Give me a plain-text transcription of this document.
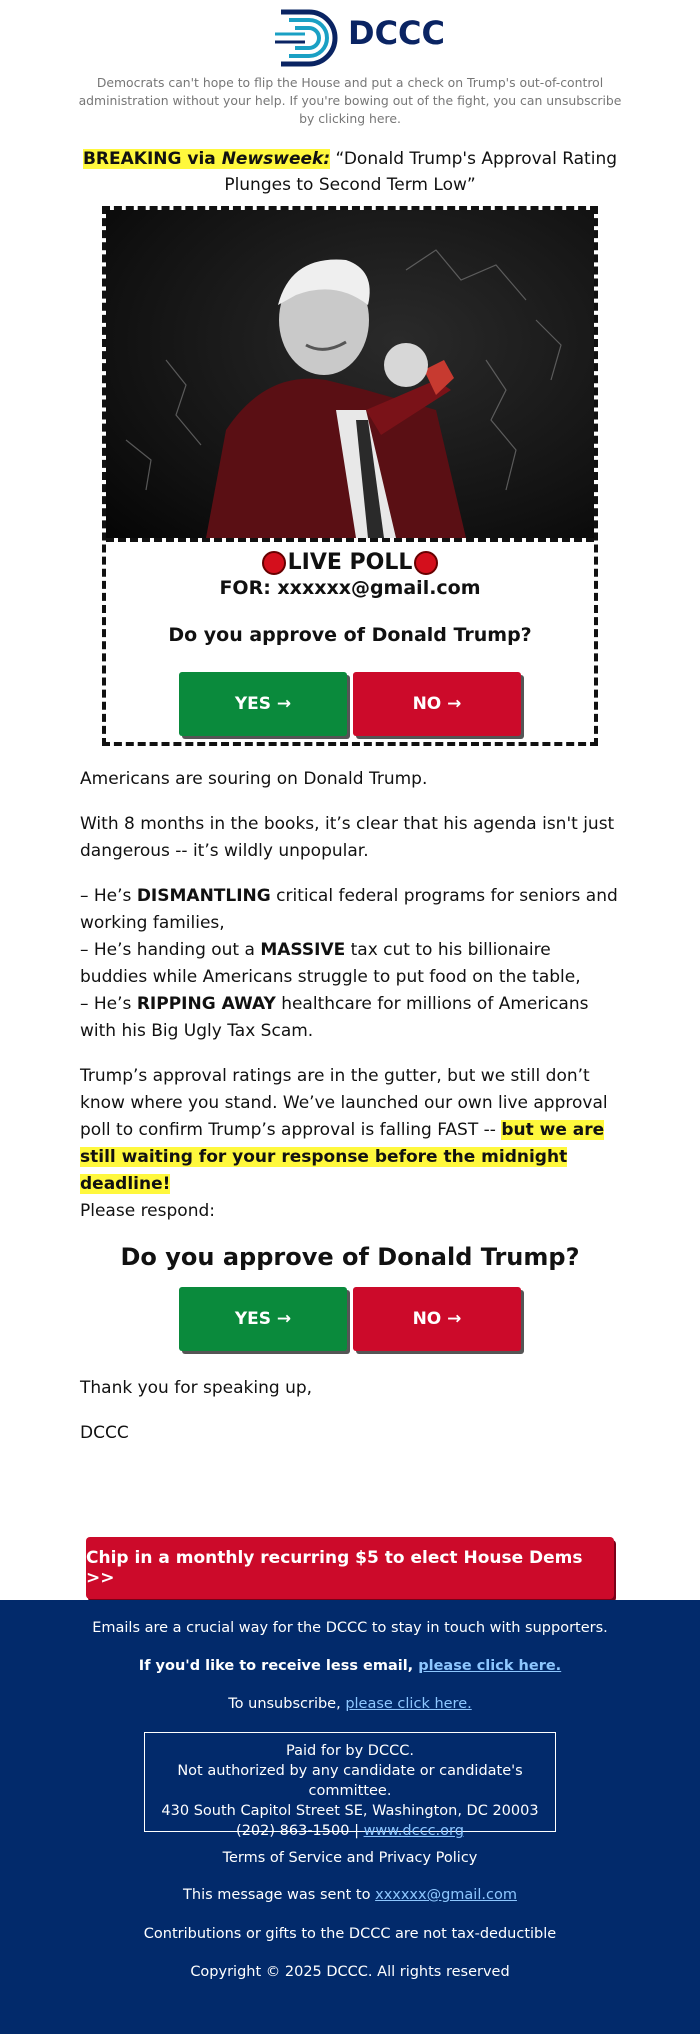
DCCC
Democrats can't hope to flip the House and put a check on Trump's out-of-control administration without your help. If you're bowing out of the fight, you can unsubscribe by clicking here.
BREAKING via Newsweek: “Donald Trump's Approval Rating Plunges to Second Term Low”
LIVE POLL
FOR: xxxxxx@gmail.com
Do you approve of Donald Trump?
YES →	NO →

Americans are souring on Donald Trump.

With 8 months in the books, it’s clear that his agenda isn't just dangerous -- it’s wildly unpopular.

– He’s DISMANTLING critical federal programs for seniors and working families,
– He’s handing out a MASSIVE tax cut to his billionaire buddies while Americans struggle to put food on the table,
– He’s RIPPING AWAY healthcare for millions of Americans with his Big Ugly Tax Scam.

Trump’s approval ratings are in the gutter, but we still don’t know where you stand. We’ve launched our own live approval poll to confirm Trump’s approval is falling FAST -- but we are still waiting for your response before the midnight deadline!
Please respond:

Do you approve of Donald Trump?
YES →	NO →

Thank you for speaking up,

DCCC

Chip in a monthly recurring $5 to elect House Dems >>
Emails are a crucial way for the DCCC to stay in touch with supporters.
If you'd like to receive less email, please click here.
To unsubscribe, please click here.
Paid for by DCCC.
Not authorized by any candidate or candidate's committee.
430 South Capitol Street SE, Washington, DC 20003
(202) 863-1500 | www.dccc.org
Terms of Service and Privacy Policy
This message was sent to xxxxxx@gmail.com
Contributions or gifts to the DCCC are not tax-deductible
Copyright © 2025 DCCC. All rights reserved
